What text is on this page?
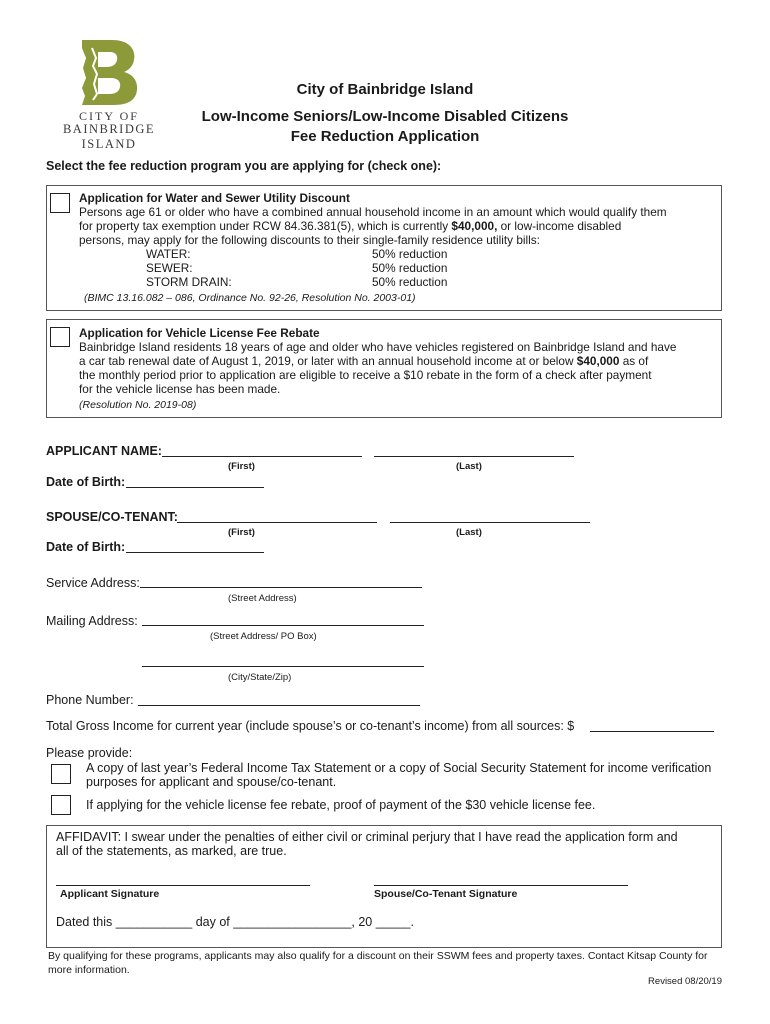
CITY OF
BAINBRIDGE ISLAND
City of Bainbridge Island
Low-Income Seniors/Low-Income Disabled Citizens
Fee Reduction Application
Select the fee reduction program you are applying for (check one):
Application for Water and Sewer Utility Discount
Persons age 61 or older who have a combined annual household income in an amount which would qualify them
for property tax exemption under RCW 84.36.381(5), which is currently $40,000, or low-income disabled
persons, may apply for the following discounts to their single-family residence utility bills:
WATER:	50% reduction
SEWER:	50% reduction
STORM DRAIN:	50% reduction
(BIMC 13.16.082 – 086, Ordinance No. 92-26, Resolution No. 2003-01)
Application for Vehicle License Fee Rebate
Bainbridge Island residents 18 years of age and older who have vehicles registered on Bainbridge Island and have
a car tab renewal date of August 1, 2019, or later with an annual household income at or below $40,000 as of
the monthly period prior to application are eligible to receive a $10 rebate in the form of a check after payment
for the vehicle license has been made.
(Resolution No. 2019-08)
APPLICANT NAME:
(First)	(Last)
Date of Birth:
SPOUSE/CO-TENANT:
(First)	(Last)
Date of Birth:
Service Address:
(Street Address)
Mailing Address:
(Street Address/ PO Box)
(City/State/Zip)
Phone Number:
Total Gross Income for current year (include spouse’s or co-tenant’s income) from all sources: $
Please provide:
A copy of last year’s Federal Income Tax Statement or a copy of Social Security Statement for income verification
purposes for applicant and spouse/co-tenant.
If applying for the vehicle license fee rebate, proof of payment of the $30 vehicle license fee.
AFFIDAVIT: I swear under the penalties of either civil or criminal perjury that I have read the application form and
all of the statements, as marked, are true.
Applicant Signature	Spouse/Co-Tenant Signature
Dated this ___________ day of _________________, 20 _____.
By qualifying for these programs, applicants may also qualify for a discount on their SSWM fees and property taxes. Contact Kitsap County for more information.
Revised 08/20/19
